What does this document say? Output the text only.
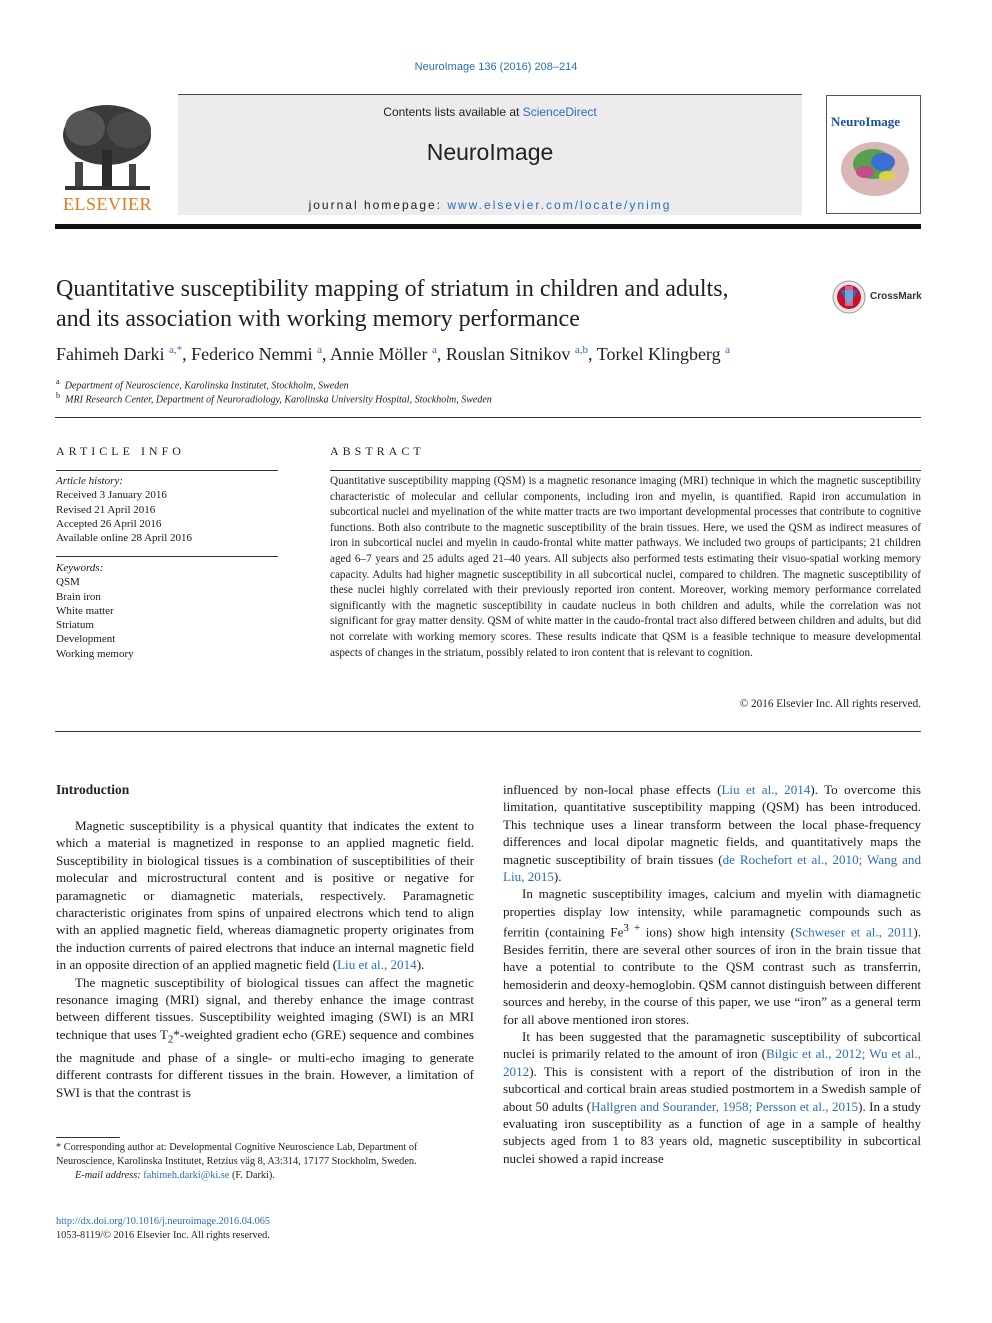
NeuroImage 136 (2016) 208–214
ELSEVIER
Contents lists available at ScienceDirect
NeuroImage
journal homepage: www.elsevier.com/locate/ynimg
NeuroImage
Quantitative susceptibility mapping of striatum in children and adults,
and its association with working memory performance
CrossMark
Fahimeh Darki $^{a,*}$, Federico Nemmi $^a$, Annie Möller $^a$, Rouslan Sitnikov $^{a,b}$, Torkel Klingberg $^a$
$^a$ Department of Neuroscience, Karolinska Institutet, Stockholm, Sweden
$^b$ MRI Research Center, Department of Neuroradiology, Karolinska University Hospital, Stockholm, Sweden
ARTICLE INFO
Article history:
Received 3 January 2016
Revised 21 April 2016
Accepted 26 April 2016
Available online 28 April 2016
Keywords:
QSM
Brain iron
White matter
Striatum
Development
Working memory
ABSTRACT
Quantitative susceptibility mapping (QSM) is a magnetic resonance imaging (MRI) technique in which the magnetic susceptibility characteristic of molecular and cellular components, including iron and myelin, is quantified. Rapid iron accumulation in subcortical nuclei and myelination of the white matter tracts are two important developmental processes that contribute to cognitive functions. Both also contribute to the magnetic susceptibility of the brain tissues. Here, we used the QSM as indirect measures of iron in subcortical nuclei and myelin in caudo-frontal white matter pathways. We included two groups of participants; 21 children aged 6–7 years and 25 adults aged 21–40 years. All subjects also performed tests estimating their visuo-spatial working memory capacity. Adults had higher magnetic susceptibility in all subcortical nuclei, compared to children. The magnetic susceptibility of these nuclei highly correlated with their previously reported iron content. Moreover, working memory performance correlated significantly with the magnetic susceptibility in caudate nucleus in both children and adults, while the correlation was not significant for gray matter density. QSM of white matter in the caudo-frontal tract also differed between children and adults, but did not correlate with working memory scores. These results indicate that QSM is a feasible technique to measure developmental aspects of changes in the striatum, possibly related to iron content that is relevant to cognition.
© 2016 Elsevier Inc. All rights reserved.
Introduction

Magnetic susceptibility is a physical quantity that indicates the extent to which a material is magnetized in response to an applied magnetic field. Susceptibility in biological tissues is a combination of susceptibilities of their molecular and microstructural content and is positive or negative for paramagnetic or diamagnetic materials, respectively. Paramagnetic characteristic originates from spins of unpaired electrons which tend to align with an applied magnetic field, whereas diamagnetic property originates from the induction currents of paired electrons that induce an internal magnetic field in an opposite direction of an applied magnetic field (Liu et al., 2014).

The magnetic susceptibility of biological tissues can affect the magnetic resonance imaging (MRI) signal, and thereby enhance the image contrast between different tissues. Susceptibility weighted imaging (SWI) is an MRI technique that uses $T_2*$-weighted gradient echo (GRE) sequence and combines the magnitude and phase of a single- or multi-echo imaging to generate different contrasts for different tissues in the brain. However, a limitation of SWI is that the contrast is

influenced by non-local phase effects (Liu et al., 2014). To overcome this limitation, quantitative susceptibility mapping (QSM) has been introduced. This technique uses a linear transform between the local phase-frequency differences and local dipolar magnetic fields, and quantitatively maps the magnetic susceptibility of brain tissues (de Rochefort et al., 2010; Wang and Liu, 2015).

In magnetic susceptibility images, calcium and myelin with diamagnetic properties display low intensity, while paramagnetic compounds such as ferritin (containing $Fe^{3 +}$ ions) show high intensity (Schweser et al., 2011). Besides ferritin, there are several other sources of iron in the brain tissue that have a potential to contribute to the QSM contrast such as transferrin, hemosiderin and deoxy-hemoglobin. QSM cannot distinguish between different sources and hereby, in the course of this paper, we use “iron” as a general term for all above mentioned iron stores.

It has been suggested that the paramagnetic susceptibility of subcortical nuclei is primarily related to the amount of iron (Bilgic et al., 2012; Wu et al., 2012). This is consistent with a report of the distribution of iron in the subcortical and cortical brain areas studied postmortem in a Swedish sample of about 50 adults (Hallgren and Sourander, 1958; Persson et al., 2015). In a study evaluating iron susceptibility as a function of age in a sample of healthy subjects aged from 1 to 83 years old, magnetic susceptibility in subcortical nuclei showed a rapid increase

* Corresponding author at: Developmental Cognitive Neuroscience Lab, Department of Neuroscience, Karolinska Institutet, Retzius väg 8, A3:314, 17177 Stockholm, Sweden.
E-mail address: fahimeh.darki@ki.se (F. Darki).
http://dx.doi.org/10.1016/j.neuroimage.2016.04.065
1053-8119/© 2016 Elsevier Inc. All rights reserved.
